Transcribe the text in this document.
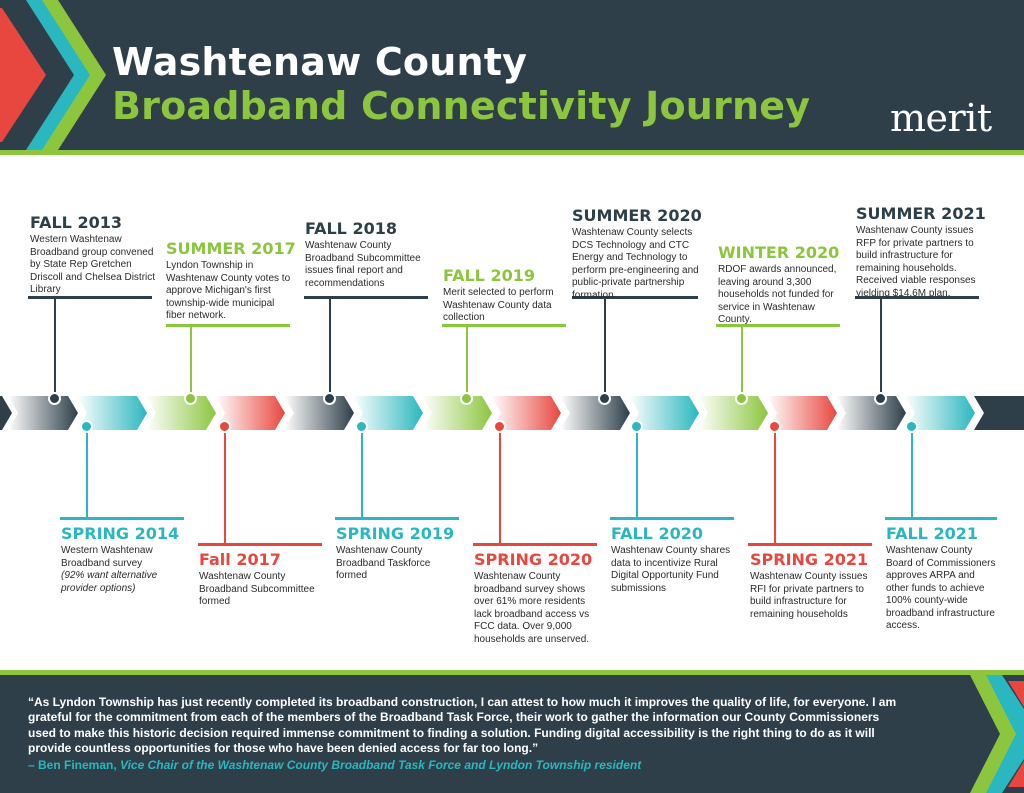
Washtenaw County
Broadband Connectivity Journey merit
FALL 2013
Western Washtenaw Broadband group convened by State Rep Gretchen Driscoll and Chelsea District Library
SUMMER 2017
Lyndon Township in Washtenaw County votes to approve Michigan's first township-wide municipal fiber network.
FALL 2018
Washtenaw County Broadband Subcommittee issues final report and recommendations	FALL 2019
Merit selected to perform Washtenaw County data collection
SUMMER 2020
Washtenaw County selects DCS Technology and CTC Energy and Technology to perform pre-engineering and public-private partnership formation
WINTER 2020
RDOF awards announced, leaving around 3,300 households not funded for service in Washtenaw County.
SUMMER 2021
Washtenaw County issues RFP for private partners to build infrastructure for remaining households. Received viable responses yielding $14.6M plan.
SPRING 2014
Western Washtenaw Broadband survey
(92% want alternative provider options)
Fall 2017
Washtenaw County Broadband Subcommittee formed
SPRING 2019
Washtenaw County Broadband Taskforce formed
SPRING 2020
Washtenaw County broadband survey shows over 61% more residents lack broadband access vs FCC data. Over 9,000 households are unserved.
FALL 2020
Washtenaw County shares data to incentivize Rural Digital Opportunity Fund submissions
SPRING 2021
Washtenaw County issues RFI for private partners to build infrastructure for remaining households
FALL 2021
Washtenaw County Board of Commissioners approves ARPA and other funds to achieve 100% county-wide broadband infrastructure access.
“As Lyndon Township has just recently completed its broadband construction, I can attest to how much it improves the quality of life, for everyone. I am grateful for the commitment from each of the members of the Broadband Task Force, their work to gather the information our County Commissioners used to make this historic decision required immense commitment to finding a solution. Funding digital accessibility is the right thing to do as it will provide countless opportunities for those who have been denied access for far too long.”
– Ben Fineman, Vice Chair of the Washtenaw County Broadband Task Force and Lyndon Township resident
